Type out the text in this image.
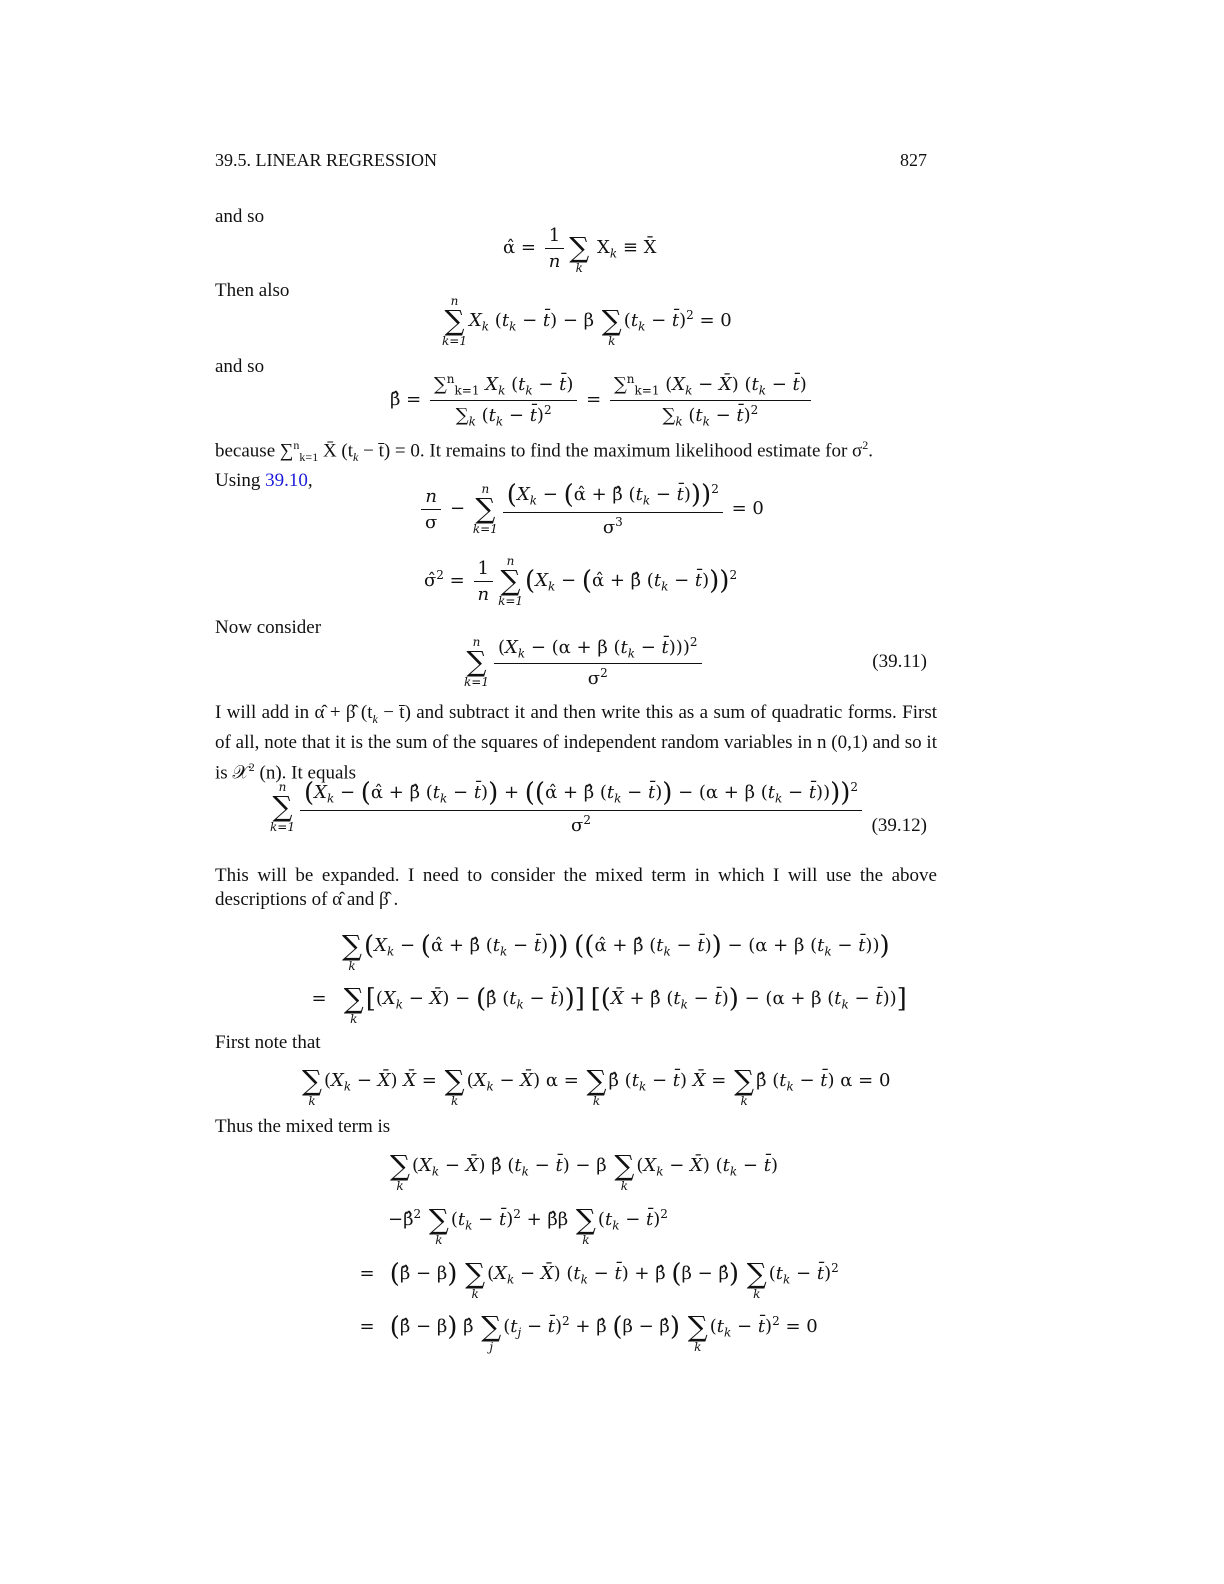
39.5. LINEAR REGRESSION	827
and so
α̂ = $\frac{1}{n}$
∑
k
$X_k$ ≡ X̄
Then also	n
∑
k=1
$X_k$ ($t_k$ − t̄) − β
∑
k
($t_k$ − t̄)$^2$ = 0
and so
β̂ = $\frac{\sum^n_{k=1} X_k (t_k - t̄)}{\sum_k (t_k - t̄)^2} = \frac{\sum^n_{k=1} (X_k - X̄) (t_k - t̄)}{\sum_k (t_k - t̄)^2}$
because ∑$^n_{k=1}$ X̄ ($t_k$ − t̄) = 0. It remains to find the maximum likelihood estimate for $\sigma^2$.
Using 39.10,
$\frac{n}{\sigma}$ −
n
∑
$k=1 \frac{(X_k - (\alphâ + \betâ (t_k - t̄)))^2}{\sigma^3} = 0$
σ̂$^2$ = $\frac{1}{n}$ n
∑
k=1
($X_k$ − (α̂ + β̂ ($t_k$ − t̄)))$^2$
Now consider
n
∑
$k=1 \frac{(X_k - (\alpha + \beta (t_k - t̄)))^2}{\sigma^2}$	(39.11)
I will add in α̂ + β̂ ($t_k$ − t̄) and subtract it and then write this as a sum of quadratic forms. First of all, note that it is the sum of the squares of independent random variables in n (0,1) and so it is 𝒳$^2$ (n). It equals
n
∑
k=1
($X_k$ − (α̂ + β̂ ($t_k$ − t̄)) + ((α̂ + β̂ ($t_k$ − t̄)) − (α + β ($t_k$ − t̄))))$^2$
$\sigma^2$	(39.12)
This will be expanded. I need to consider the mixed term in which I will use the above descriptions of α̂ and β̂ .

∑
k
($X_k$ − (α̂ + β̂ ($t_k$ − t̄))) ((α̂ + β̂ ($t_k$ − t̄)) − (α + β ($t_k$ − t̄)))
=
∑
k
[($X_k$ − X̄) − (β̂ ($t_k$ − t̄))] [(X̄ + β̂ ($t_k$ − t̄)) − (α + β ($t_k$ − t̄))]
First note that

∑
k
($X_k$ − X̄) X̄ =
∑
k
($X_k$ − X̄) α =
∑
k
β̂ ($t_k$ − t̄) X̄ =
∑
k
β̂ ($t_k$ − t̄) α = 0
Thus the mixed term is

∑
k
($X_k$ − X̄) β̂ ($t_k$ − t̄) − β
∑
k
($X_k$ − X̄) ($t_k$ − t̄)
−β̂$^2$
∑
k
($t_k$ − t̄)$^2$ + β̂β
∑
k
($t_k$ − t̄)$^2$
= (β̂ − β)
∑
k
($X_k$ − X̄) ($t_k$ − t̄) + β̂ (β − β̂)
∑
k
($t_k$ − t̄)$^2$
= (β̂ − β) β̂
∑
j
($t_j$ − t̄)$^2$ + β̂ (β − β̂)
∑
k
($t_k$ − t̄)$^2$ = 0
